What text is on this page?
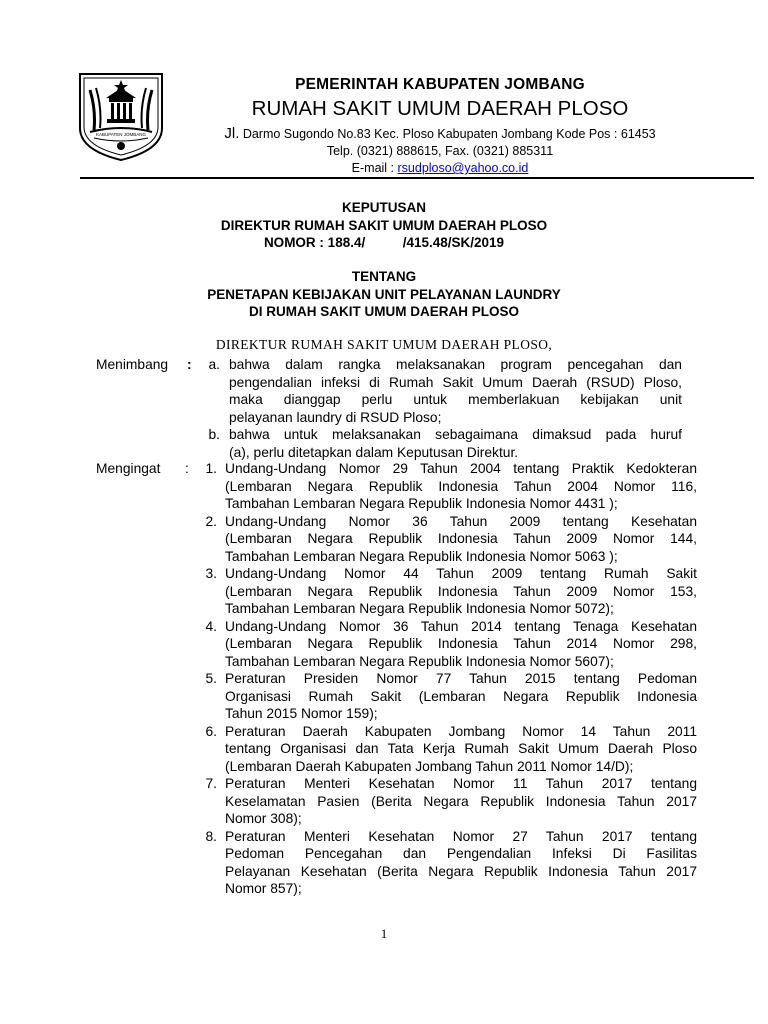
KABUPATEN JOMBANG
PEMERINTAH KABUPATEN JOMBANG
RUMAH SAKIT UMUM DAERAH PLOSO
Jl. Darmo Sugondo No.83 Kec. Ploso Kabupaten Jombang Kode Pos : 61453
Telp. (0321) 888615, Fax. (0321) 885311
E-mail : rsudploso@yahoo.co.id
KEPUTUSAN
DIREKTUR RUMAH SAKIT UMUM DAERAH PLOSO
NOMOR : 188.4/          /415.48/SK/2019
TENTANG
PENETAPAN KEBIJAKAN UNIT PELAYANAN LAUNDRY
DI RUMAH SAKIT UMUM DAERAH PLOSO
DIREKTUR RUMAH SAKIT UMUM DAERAH PLOSO,
Menimbang :	a. bahwa dalam rangka melaksanakan program pencegahan dan
pengendalian infeksi di Rumah Sakit Umum Daerah (RSUD) Ploso,
maka dianggap perlu untuk memberlakuan kebijakan unit
pelayanan laundry di RSUD Ploso;
b. bahwa untuk melaksanakan sebagaimana dimaksud pada huruf
(a), perlu ditetapkan dalam Keputusan Direktur.
Mengingat :	1. Undang-Undang Nomor 29 Tahun 2004 tentang Praktik Kedokteran
(Lembaran Negara Republik Indonesia Tahun 2004 Nomor 116,
Tambahan Lembaran Negara Republik Indonesia Nomor 4431 );
2. Undang-Undang Nomor 36 Tahun 2009 tentang Kesehatan
(Lembaran Negara Republik Indonesia Tahun 2009 Nomor 144,
Tambahan Lembaran Negara Republik Indonesia Nomor 5063 );
3. Undang-Undang Nomor 44 Tahun 2009 tentang Rumah Sakit
(Lembaran Negara Republik Indonesia Tahun 2009 Nomor 153,
Tambahan Lembaran Negara Republik Indonesia Nomor 5072);
4. Undang-Undang Nomor 36 Tahun 2014 tentang Tenaga Kesehatan
(Lembaran Negara Republik Indonesia Tahun 2014 Nomor 298,
Tambahan Lembaran Negara Republik Indonesia Nomor 5607);
5. Peraturan Presiden Nomor 77 Tahun 2015 tentang Pedoman
Organisasi Rumah Sakit (Lembaran Negara Republik Indonesia
Tahun 2015 Nomor 159);
6. Peraturan Daerah Kabupaten Jombang Nomor 14 Tahun 2011
tentang Organisasi dan Tata Kerja Rumah Sakit Umum Daerah Ploso
(Lembaran Daerah Kabupaten Jombang Tahun 2011 Nomor 14/D);
7. Peraturan Menteri Kesehatan Nomor 11 Tahun 2017 tentang
Keselamatan Pasien (Berita Negara Republik Indonesia Tahun 2017
Nomor 308);
8. Peraturan Menteri Kesehatan Nomor 27 Tahun 2017 tentang
Pedoman Pencegahan dan Pengendalian Infeksi Di Fasilitas
Pelayanan Kesehatan (Berita Negara Republik Indonesia Tahun 2017
Nomor 857);
1
